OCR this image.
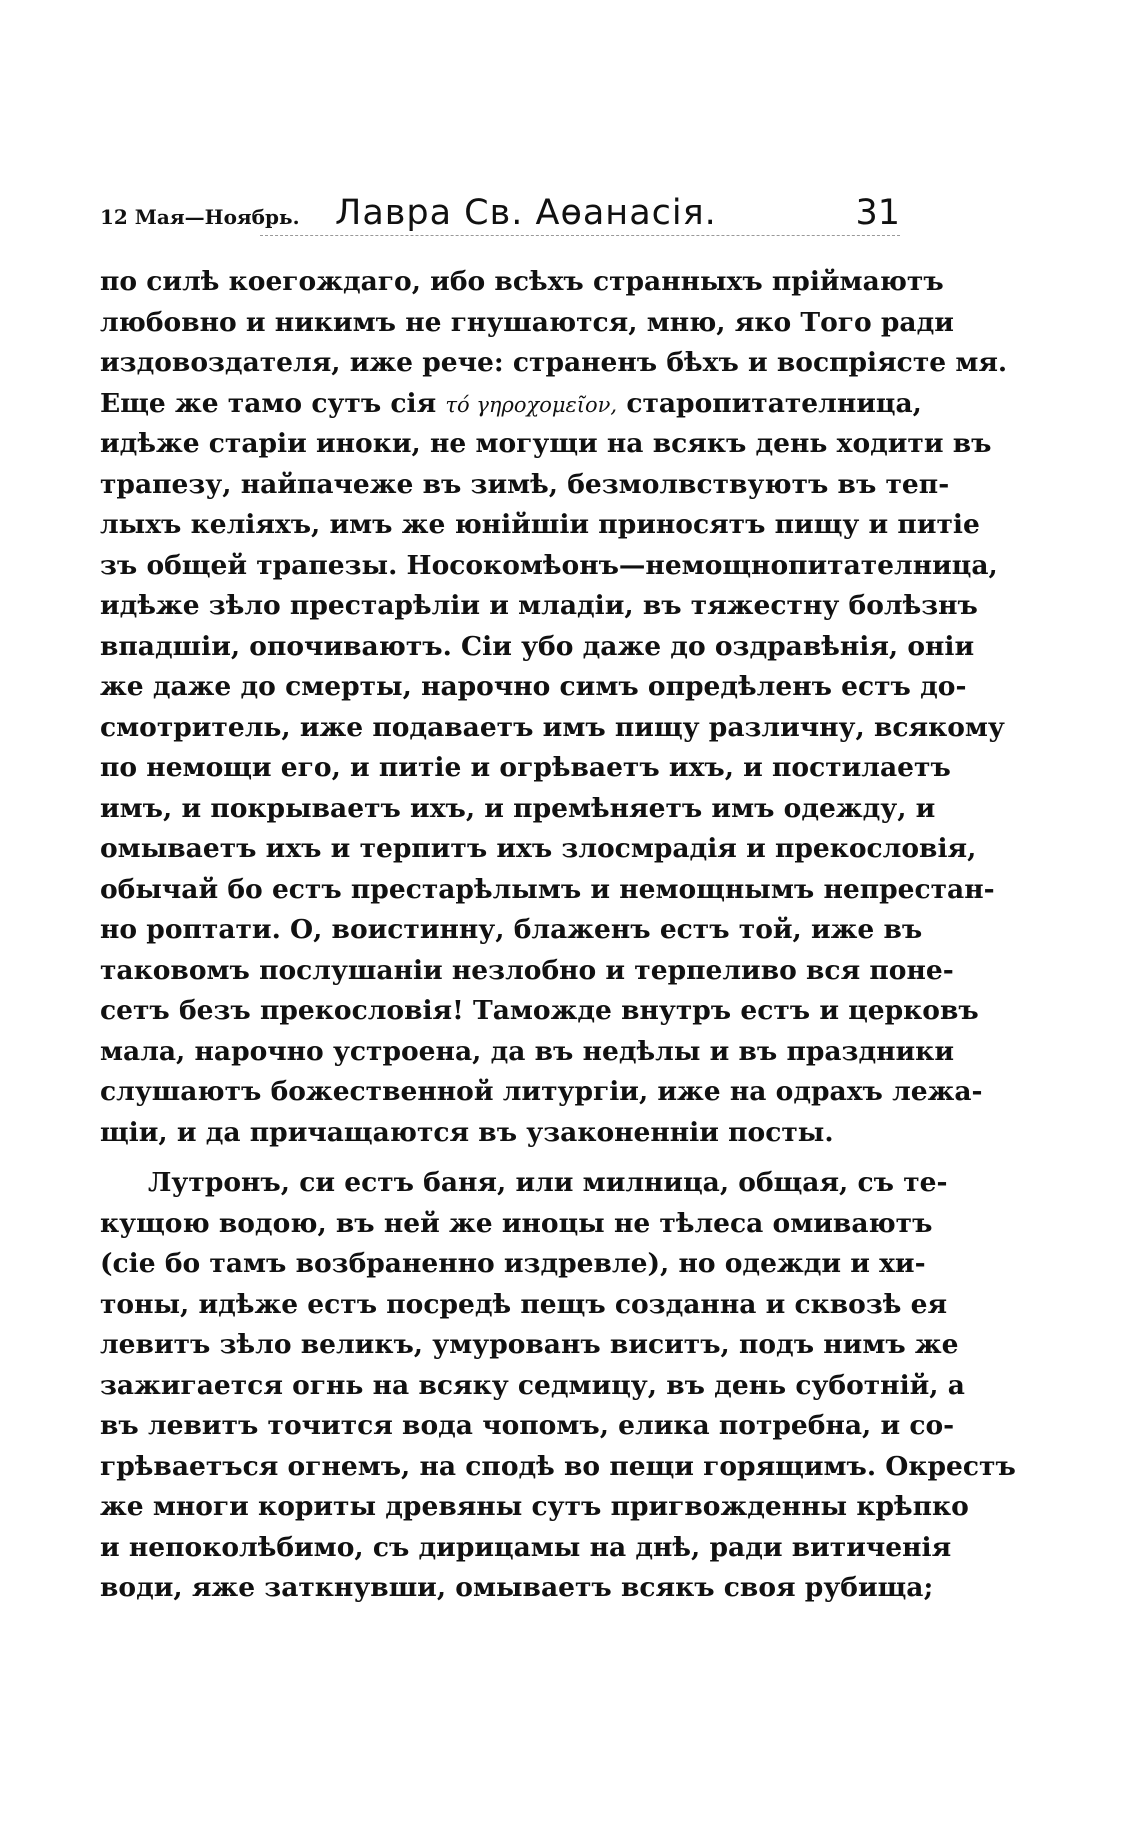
12 Мая—Ноябрь. Лавра Св. Аѳанасія.	31
по силѣ коегождаго, ибо всѣхъ странныхъ пріймаютъ
любовно и никимъ не гнушаются, мню, яко Того ради
издовоздателя, иже рече: страненъ бѣхъ и воспріясте мя.
Еще же тамо сутъ сія τό γηροχομεῖον, старопитателница,
идѣже старіи иноки, не могущи на всякъ день ходити въ
трапезу, найпачеже въ зимѣ, безмолвствуютъ въ теп-
лыхъ келіяхъ, имъ же юнійшіи приносятъ пищу и питіе
зъ общей трапезы. Носокомѣонъ—немощнопитателница,
идѣже зѣло престарѣліи и младіи, въ тяжестну болѣзнъ
впадшіи, опочиваютъ. Сіи убо даже до оздравѣнія, оніи
же даже до смерты, нарочно симъ опредѣленъ естъ до-
смотритель, иже подаваетъ имъ пищу различну, всякому
по немощи его, и питіе и огрѣваетъ ихъ, и постилаетъ
имъ, и покрываетъ ихъ, и премѣняетъ имъ одежду, и
омываетъ ихъ и терпитъ ихъ злосмрадія и прекословія,
обычай бо естъ престарѣлымъ и немощнымъ непрестан-
но роптати. О, воистинну, блаженъ естъ той, иже въ
таковомъ послушаніи незлобно и терпеливо вся поне-
сетъ безъ прекословія! Тамождe внутръ естъ и церковъ
мала, нарочно устроена, да въ недѣлы и въ праздники
слушаютъ божественной литургіи, иже на одрахъ лежа-
щіи, и да причащаются въ узаконенніи посты.
Лутронъ, си естъ баня, или милница, общая, съ те-
кущою водою, въ ней же иноцы не тѣлеса омиваютъ
(сіе бо тамъ возбраненно издревле), но одежди и хи-
тоны, идѣже естъ посредѣ пещъ созданна и сквозѣ ея
левитъ зѣло великъ, умурованъ виситъ, подъ нимъ же
зажигается огнь на всяку седмицу, въ день суботній, а
въ левитъ точится вода чопомъ, елика потребна, и со-
грѣваетъся огнемъ, на сподѣ во пещи горящимъ. Окрестъ
же многи кориты древяны сутъ пригвожденны крѣпко
и непоколѣбимо, съ дирицамы на днѣ, ради витиченія
води, яже заткнувши, омываетъ всякъ своя рубища;
